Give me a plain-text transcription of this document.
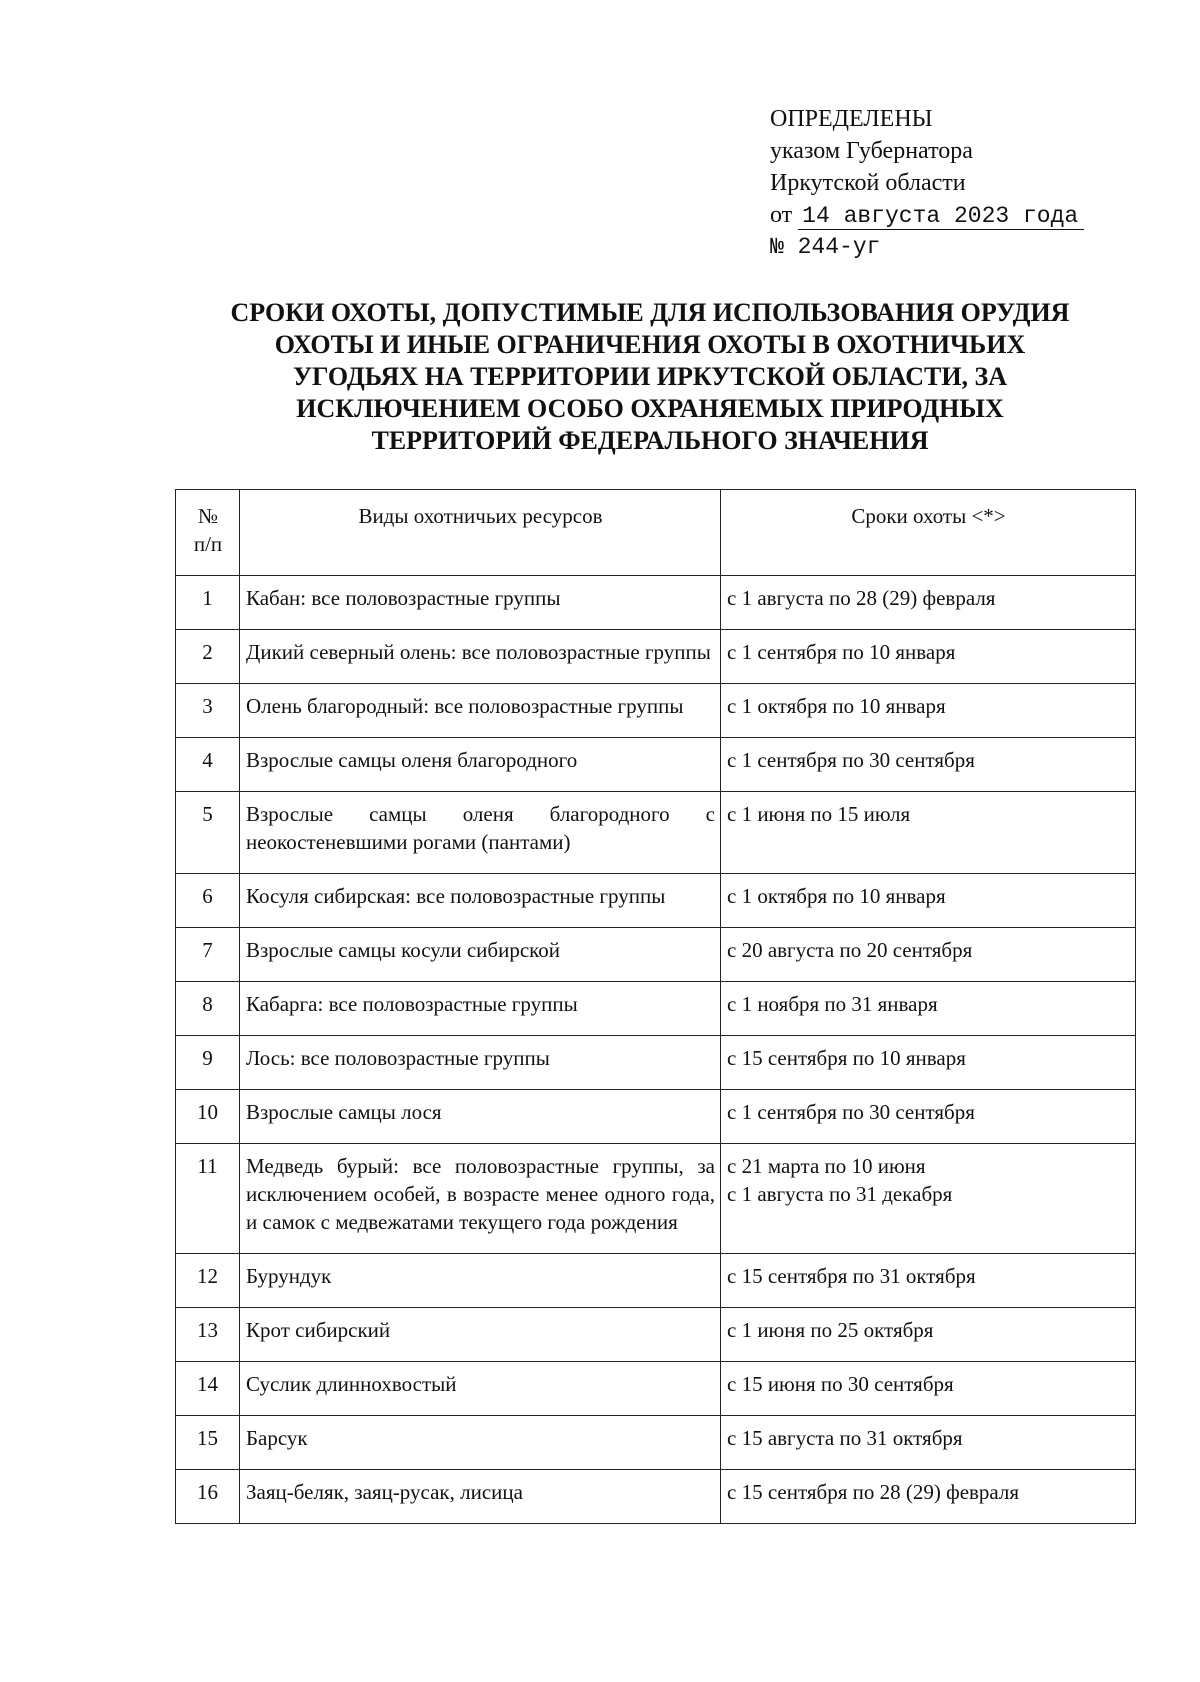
ОПРЕДЕЛЕНЫ
указом Губернатора
Иркутской области
от 14 августа 2023 года
№ 244-уг
СРОКИ ОХОТЫ, ДОПУСТИМЫЕ ДЛЯ ИСПОЛЬЗОВАНИЯ ОРУДИЯ
ОХОТЫ И ИНЫЕ ОГРАНИЧЕНИЯ ОХОТЫ В ОХОТНИЧЬИХ
УГОДЬЯХ НА ТЕРРИТОРИИ ИРКУТСКОЙ ОБЛАСТИ, ЗА
ИСКЛЮЧЕНИЕМ ОСОБО ОХРАНЯЕМЫХ ПРИРОДНЫХ
ТЕРРИТОРИЙ ФЕДЕРАЛЬНОГО ЗНАЧЕНИЯ
№
п/п	Виды охотничьих ресурсов	Сроки охоты <*>
1	Кабан: все половозрастные группы	с 1 августа по 28 (29) февраля
2	Дикий северный олень: все половозрастные группы	с 1 сентября по 10 января
3	Олень благородный: все половозрастные группы	с 1 октября по 10 января
4	Взрослые самцы оленя благородного	с 1 сентября по 30 сентября
5	Взрослые самцы оленя благородного с неокостеневшими рогами (пантами)	с 1 июня по 15 июля
6	Косуля сибирская: все половозрастные группы	с 1 октября по 10 января
7	Взрослые самцы косули сибирской	с 20 августа по 20 сентября
8	Кабарга: все половозрастные группы	с 1 ноября по 31 января
9	Лось: все половозрастные группы	с 15 сентября по 10 января
10	Взрослые самцы лося	с 1 сентября по 30 сентября
11	Медведь бурый: все половозрастные группы, за исключением особей, в возрасте менее одного года, и самок с медвежатами текущего года рождения	с 21 марта по 10 июня
с 1 августа по 31 декабря

12	Бурундук	с 15 сентября по 31 октября
13	Крот сибирский	с 1 июня по 25 октября
14	Суслик длиннохвостый	с 15 июня по 30 сентября
15	Барсук	с 15 августа по 31 октября
16	Заяц-беляк, заяц-русак, лисица	с 15 сентября по 28 (29) февраля
